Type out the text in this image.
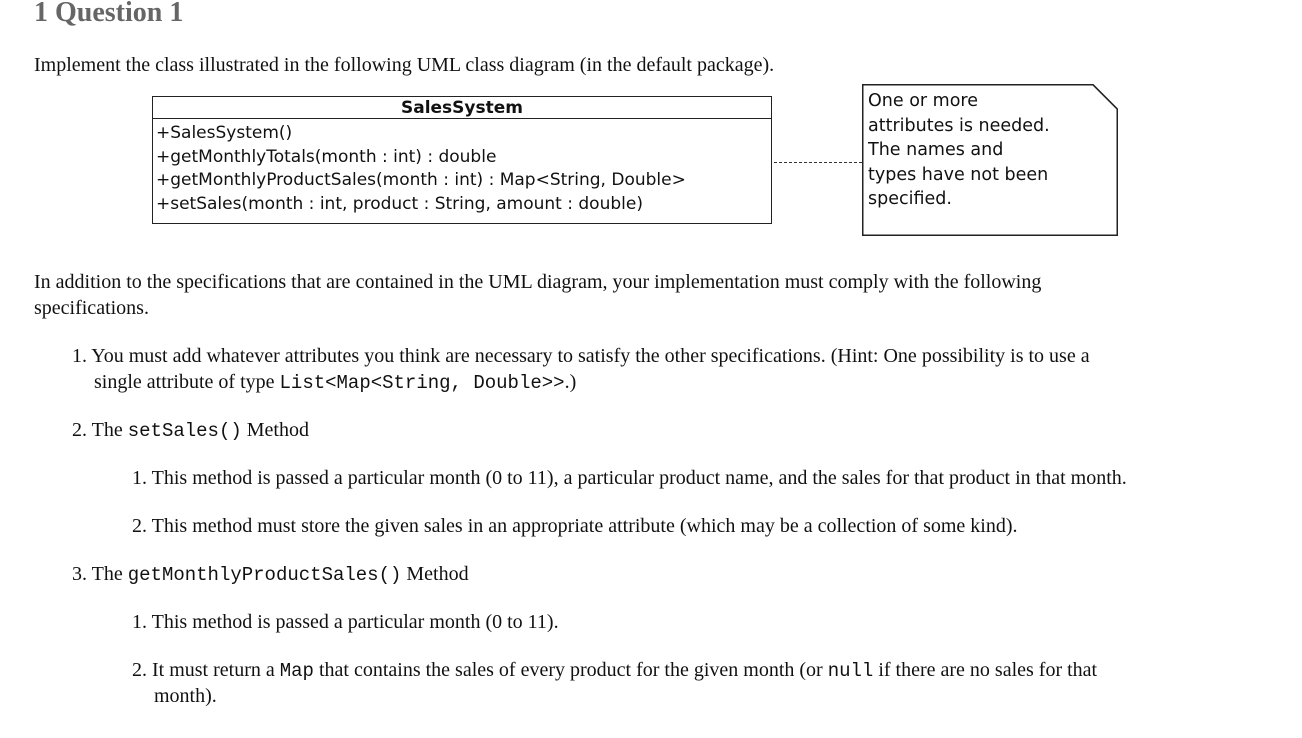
1 Question 1

Implement the class illustrated in the following UML class diagram (in the default package).

SalesSystem
+SalesSystem()
+getMonthlyTotals(month : int) : double
+getMonthlyProductSales(month : int) : Map<String, Double>
+setSales(month : int, product : String, amount : double)
One or more
attributes is needed.
The names and
types have not been
specified.

In addition to the specifications that are contained in the UML diagram, your implementation must comply with the following

specifications.

1. You must add whatever attributes you think are necessary to satisfy the other specifications. (Hint: One possibility is to use a
single attribute of type List<Map<String, Double>>.)
2. The setSales() Method
1. This method is passed a particular month (0 to 11), a particular product name, and the sales for that product in that month.
2. This method must store the given sales in an appropriate attribute (which may be a collection of some kind).
3. The getMonthlyProductSales() Method
1. This method is passed a particular month (0 to 11).
2. It must return a Map that contains the sales of every product for the given month (or null if there are no sales for that
month).
